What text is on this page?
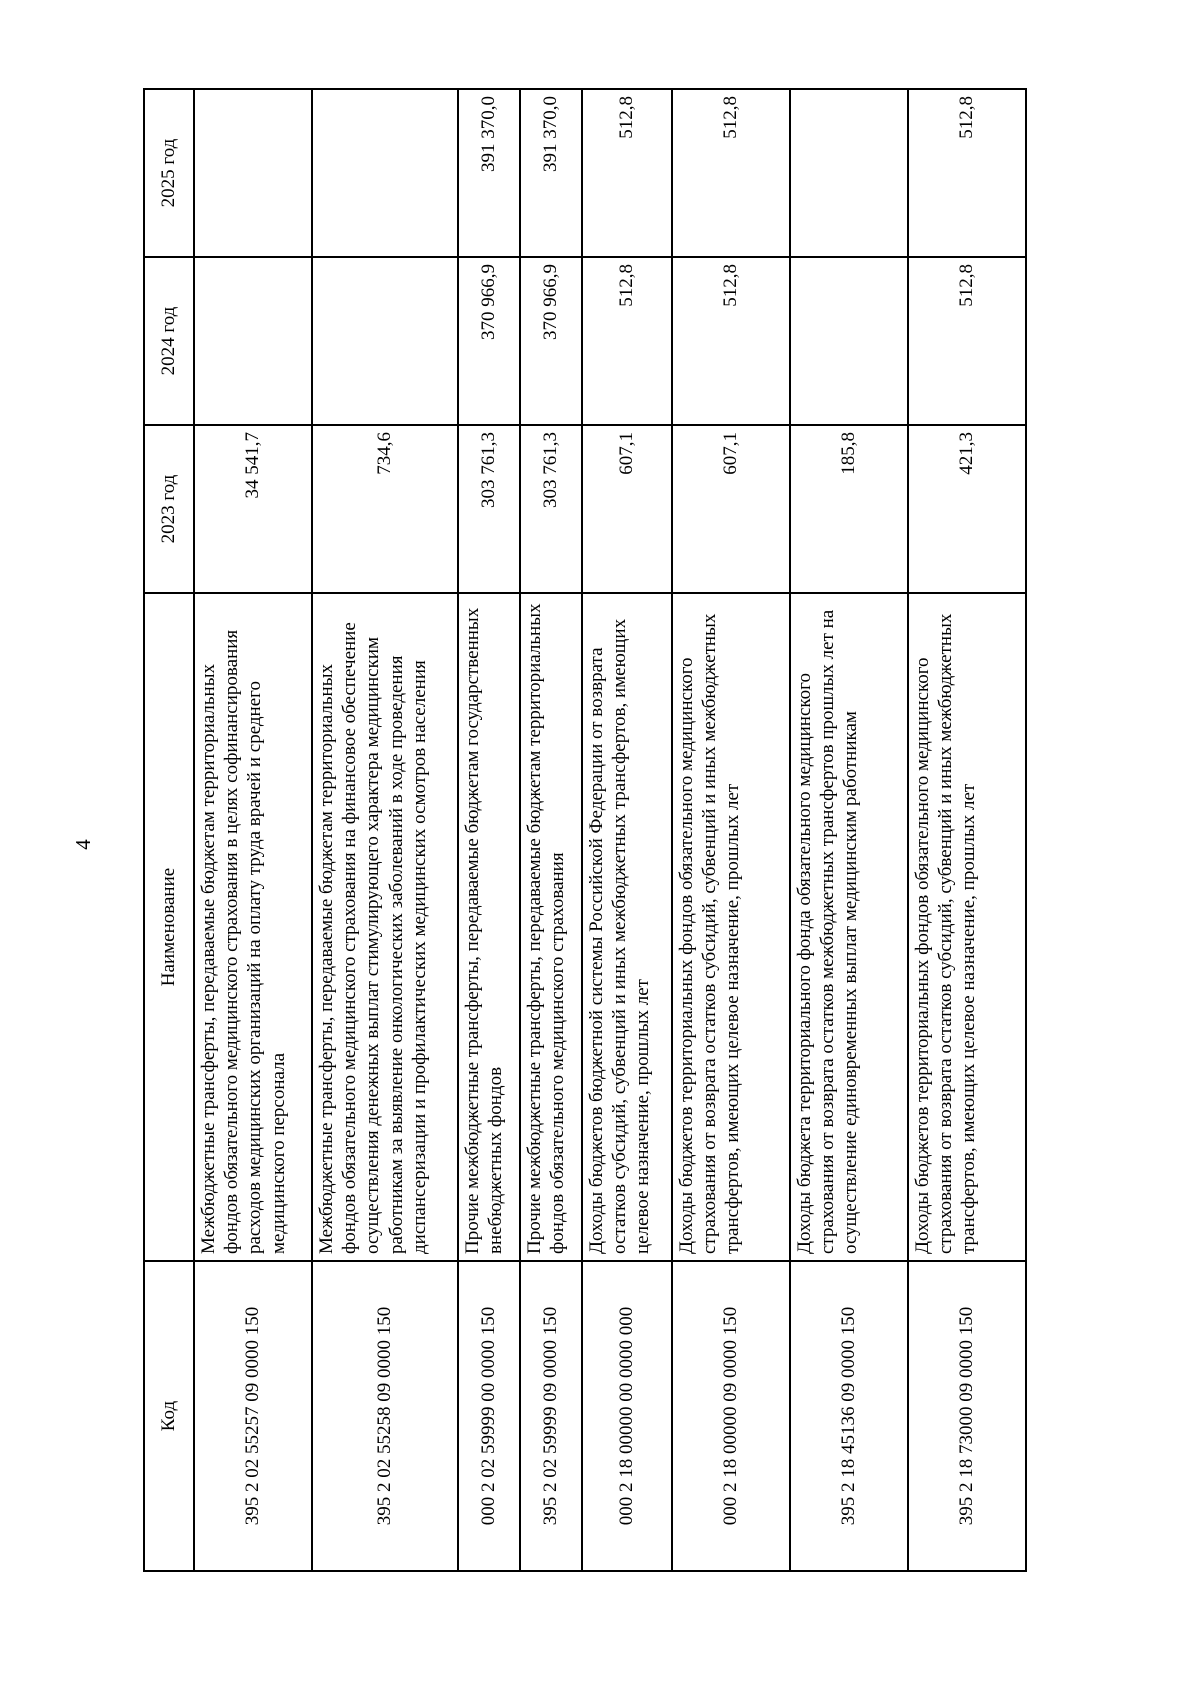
4
Код	Наименование	2023 год	2024 год	2025 год
395 2 02 55257 09 0000 150	Межбюджетные трансферты, передаваемые бюджетам территориальных фондов обязательного медицинского страхования в целях софинансирования расходов медицинских организаций на оплату труда врачей и среднего медицинского персонала	34 541,7		
395 2 02 55258 09 0000 150	Межбюджетные трансферты, передаваемые бюджетам территориальных фондов обязательного медицинского страхования на финансовое обеспечение осуществления денежных выплат стимулирующего характера медицинским работникам за выявление онкологических заболеваний в ходе проведения диспансеризации и профилактических медицинских осмотров населения	734,6		
000 2 02 59999 00 0000 150	Прочие межбюджетные трансферты, передаваемые бюджетам государственных внебюджетных фондов	303 761,3	370 966,9	391 370,0
395 2 02 59999 09 0000 150	Прочие межбюджетные трансферты, передаваемые бюджетам территориальных фондов обязательного медицинского страхования	303 761,3	370 966,9	391 370,0
000 2 18 00000 00 0000 000	Доходы бюджетов бюджетной системы Российской Федерации от возврата остатков субсидий, субвенций и иных межбюджетных трансфертов, имеющих целевое назначение, прошлых лет	607,1	512,8	512,8
000 2 18 00000 09 0000 150	Доходы бюджетов территориальных фондов обязательного медицинского страхования от возврата остатков субсидий, субвенций и иных межбюджетных трансфертов, имеющих целевое назначение, прошлых лет	607,1	512,8	512,8
395 2 18 45136 09 0000 150	Доходы бюджета территориального фонда обязательного медицинского страхования от возврата остатков межбюджетных трансфертов прошлых лет на осуществление единовременных выплат медицинским работникам	185,8		
395 2 18 73000 09 0000 150	Доходы бюджетов территориальных фондов обязательного медицинского страхования от возврата остатков субсидий, субвенций и иных межбюджетных трансфертов, имеющих целевое назначение, прошлых лет	421,3	512,8	512,8
